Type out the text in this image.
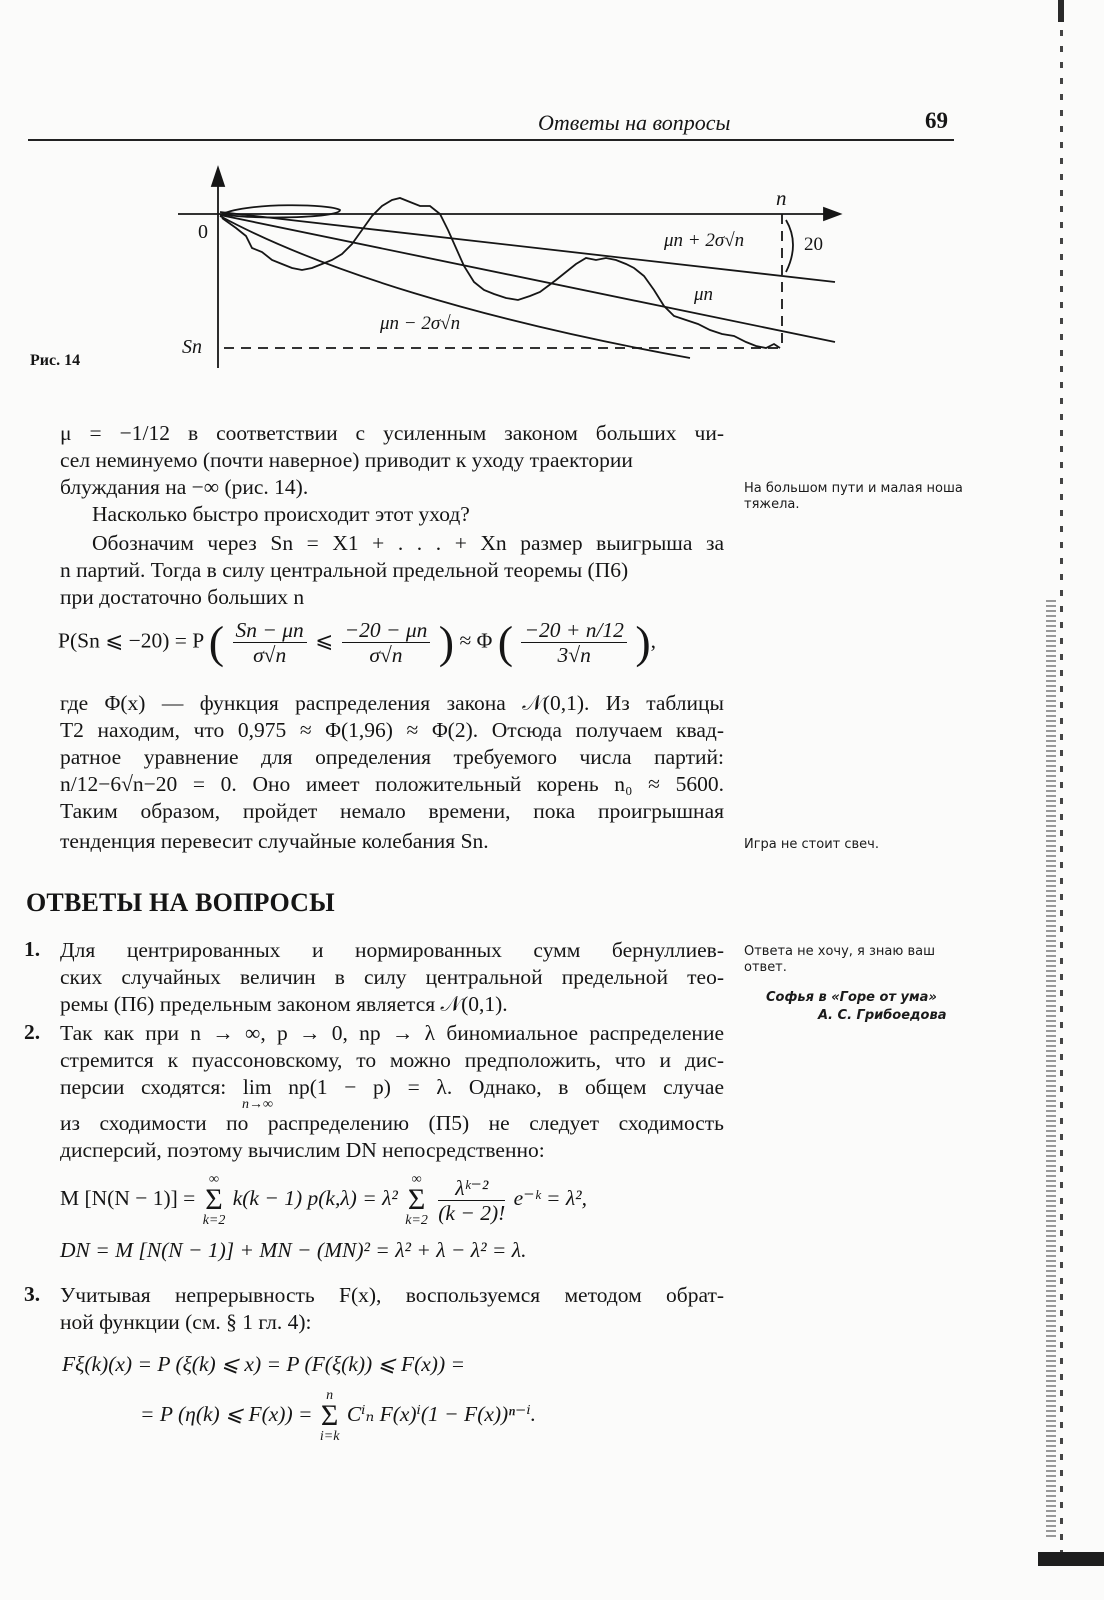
Ответы на вопросы	69
0
n
Sn
μn + 2σ√n
μn
μn − 2σ√n
20
Рис. 14

μ = −1/12 в соответствии с усиленным законом больших чи-

сел неминуемо (почти наверное) приводит к уходу траектории

блуждания на −∞ (рис. 14).

Насколько быстро происходит этот уход?

Обозначим через Sn = X1 + . . . + Xn размер выигрыша за

n партий. Тогда в силу центральной предельной теоремы (П6)

при достаточно больших n

P(Sn ⩽ −20) = P ( $\frac{Sn - \mu n}{\sigma√n}$ ⩽ $\frac{-20 - \mu n}{\sigma√n}$ ) ≈ Φ ( $\frac{-20 + n/12}{3√n}$ ),

где Φ(x) — функция распределения закона 𝒩(0,1). Из таблицы

Т2 находим, что 0,975 ≈ Φ(1,96) ≈ Φ(2). Отсюда получаем квад-

ратное уравнение для определения требуемого числа партий:

n/12−6√n−20 = 0. Оно имеет положительный корень n₀ ≈ 5600.

Таким образом, пройдет немало времени, пока проигрышная

тенденция перевесит случайные колебания Sn.

ОТВЕТЫ НА ВОПРОСЫ
1. Для центрированных и нормированных сумм бернуллиев-

ских случайных величин в силу центральной предельной тео-

ремы (П6) предельным законом является 𝒩(0,1).

2. Так как при n → ∞, p → 0, np → λ биномиальное распределение

стремится к пуассоновскому, то можно предположить, что и дис-

персии сходятся: lim np(1 − p) = λ. Однако, в общем случае

n→∞

из сходимости по распределению (П5) не следует сходимость

дисперсий, поэтому вычислим DN непосредственно:

M [N(N − 1)] =
∞
Σ
k=2
k(k − 1) p(k,λ) = λ²
∞
Σ
k=2
$\frac{\text{λᵏ⁻²}}{(k - 2)!}$ e⁻ᵏ = λ²,
DN = M [N(N − 1)] + MN − (MN)² = λ² + λ − λ² = λ.
3. Учитывая непрерывность F(x), воспользуемся методом обрат-

ной функции (см. § 1 гл. 4):

Fξ(k)(x) = P (ξ(k) ⩽ x) = P (F(ξ(k)) ⩽ F(x)) =
= P (η(k) ⩽ F(x)) =
n
Σ
i=k
Cⁱₙ F(x)ⁱ(1 − F(x))ⁿ⁻ⁱ.
На большом пути и малая ноша тяжела.
Игра не стоит свеч.
Ответа не хочу, я знаю ваш ответ.
Софья в «Горе от ума»
А. С. Грибоедова
